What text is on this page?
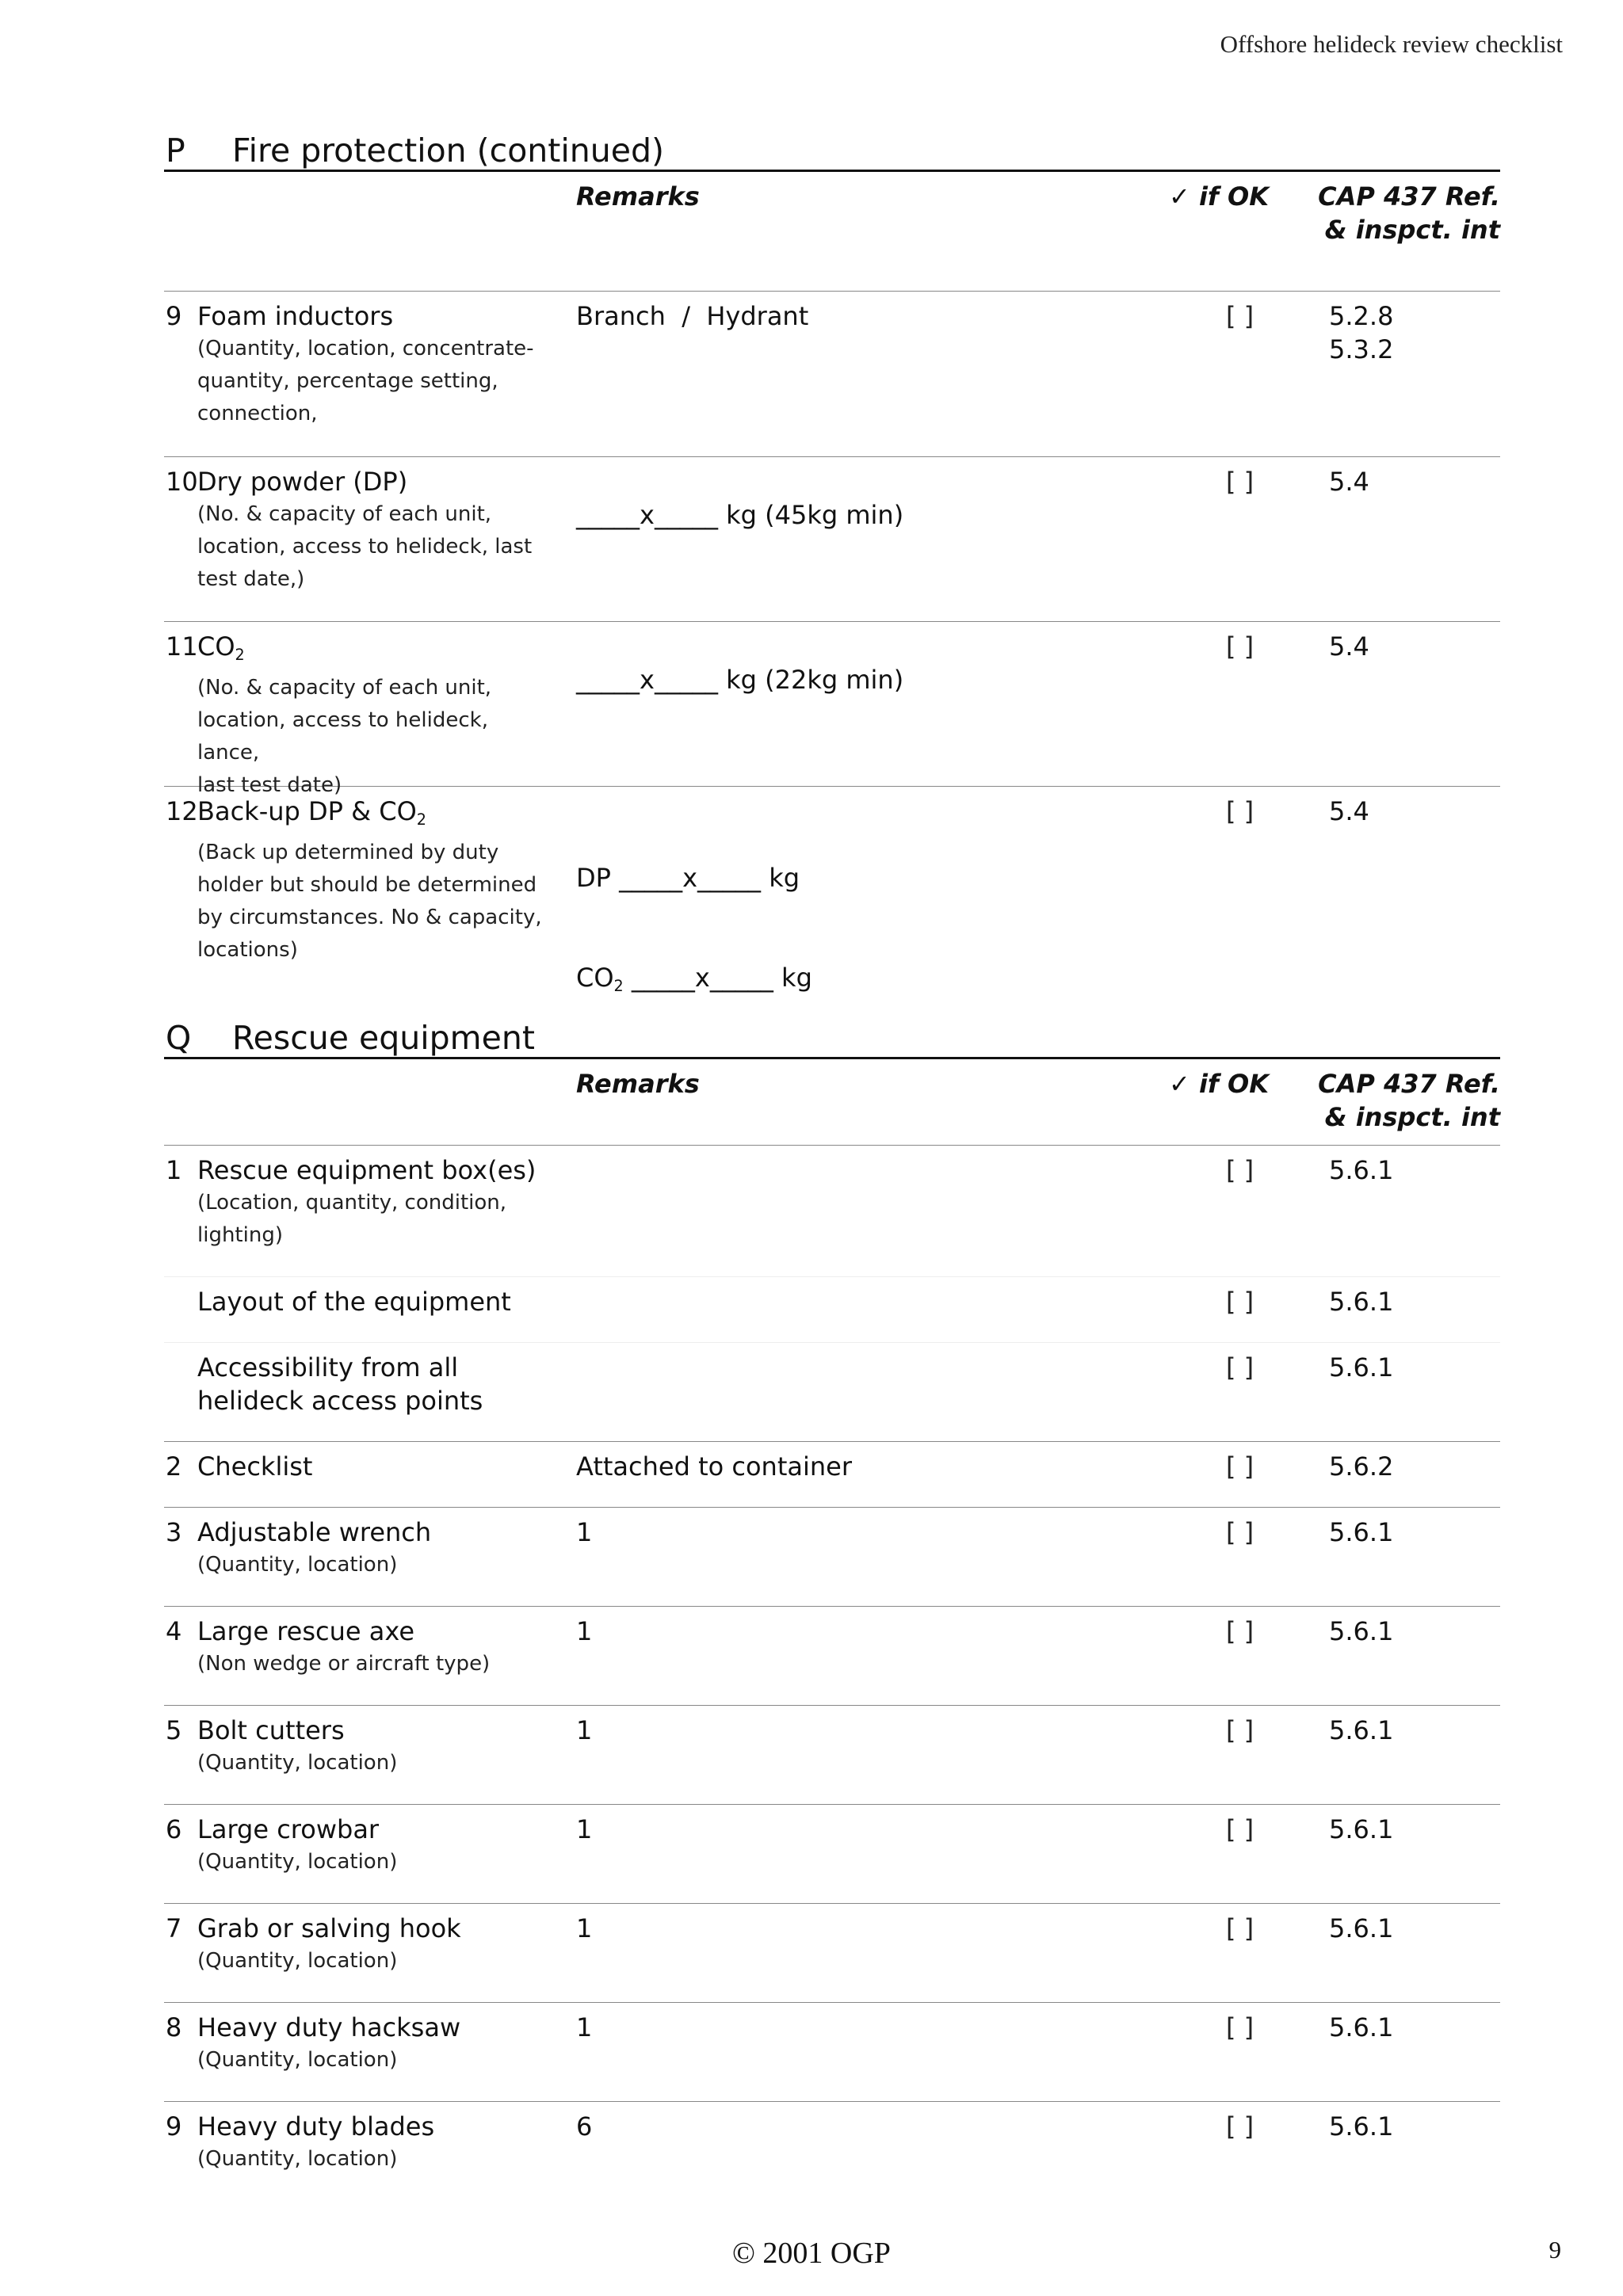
Offshore helideck review checklist
P	Fire protection (continued)
Remarks	✓ if OK	CAP 437 Ref.
& inspct. int
9 Foam inductors
(Quantity, location, concentrate-
quantity, percentage setting,
connection,
Branch  /  Hydrant	[ ]	5.2.8
5.3.2
10 Dry powder (DP)
(No. & capacity of each unit,
location, access to helideck, last
test date,)
_____x_____ kg (45kg min)
[ ]	5.4
11 $CO_2$
(No. & capacity of each unit,
location, access to helideck, lance,
last test date)
_____x_____ kg (22kg min)
[ ]	5.4
12 Back-up DP & $CO_2$
(Back up determined by duty
holder but should be determined
by circumstances. No & capacity,
locations)

DP _____x_____ kg

$CO_2$ _____x_____ kg

[ ]	5.4
Q	Rescue equipment
Remarks	✓ if OK	CAP 437 Ref.
& inspct. int
1 Rescue equipment box(es)
(Location, quantity, condition,
lighting)
[ ]	5.6.1
Layout of the equipment	[ ]	5.6.1
Accessibility from all
helideck access points
[ ]	5.6.1
2 Checklist	Attached to container	[ ]	5.6.2
3 Adjustable wrench
(Quantity, location)
1	[ ]	5.6.1
4 Large rescue axe
(Non wedge or aircraft type)
1	[ ]	5.6.1
5 Bolt cutters
(Quantity, location)
1	[ ]	5.6.1
6 Large crowbar
(Quantity, location)
1	[ ]	5.6.1
7 Grab or salving hook
(Quantity, location)
1	[ ]	5.6.1
8 Heavy duty hacksaw
(Quantity, location)
1	[ ]	5.6.1
9 Heavy duty blades
(Quantity, location)
6	[ ]	5.6.1
© 2001 OGP	9
